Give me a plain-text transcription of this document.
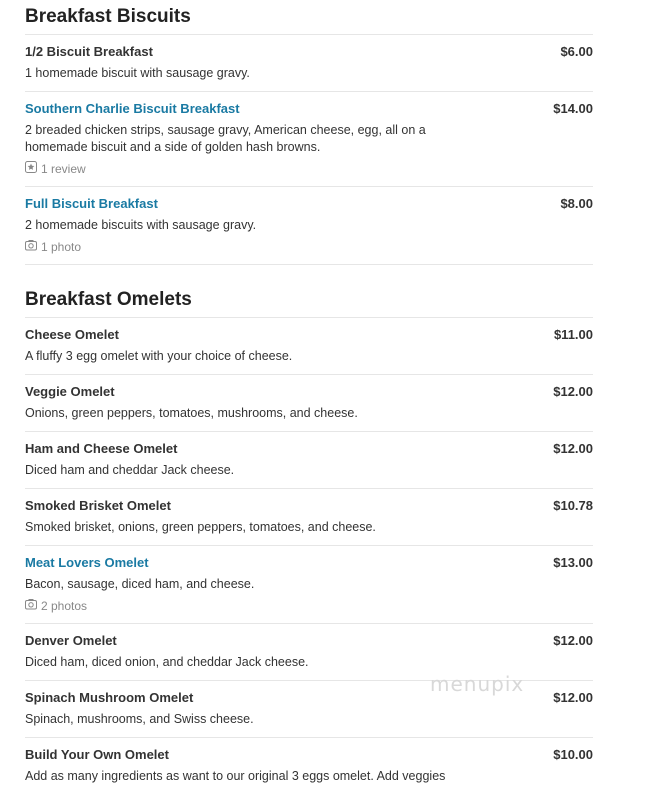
Breakfast Biscuits
1/2 Biscuit Breakfast	$6.00
1 homemade biscuit with sausage gravy.
Southern Charlie Biscuit Breakfast	$14.00
2 breaded chicken strips, sausage gravy, American cheese, egg, all on a homemade biscuit and a side of golden hash browns.
1 review
Full Biscuit Breakfast	$8.00
2 homemade biscuits with sausage gravy.
1 photo
Breakfast Omelets
Cheese Omelet	$11.00
A fluffy 3 egg omelet with your choice of cheese.
Veggie Omelet	$12.00
Onions, green peppers, tomatoes, mushrooms, and cheese.
Ham and Cheese Omelet	$12.00
Diced ham and cheddar Jack cheese.
Smoked Brisket Omelet	$10.78
Smoked brisket, onions, green peppers, tomatoes, and cheese.
Meat Lovers Omelet	$13.00
Bacon, sausage, diced ham, and cheese.
2 photos
Denver Omelet	$12.00
Diced ham, diced onion, and cheddar Jack cheese.
Spinach Mushroom Omelet	$12.00
Spinach, mushrooms, and Swiss cheese.
Build Your Own Omelet	$10.00
Add as many ingredients as want to our original 3 eggs omelet. Add veggies
menupix
